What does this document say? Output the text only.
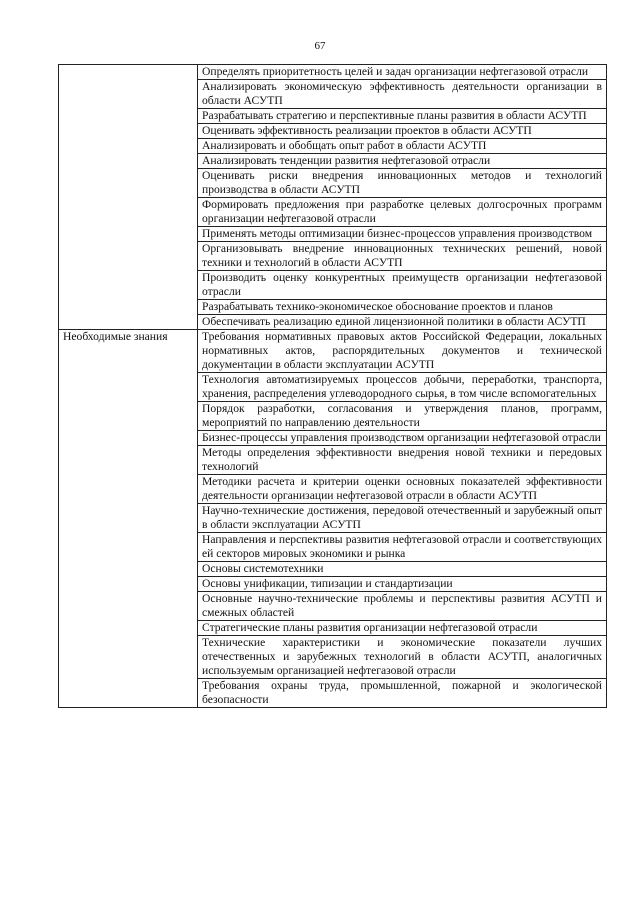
67
	Определять приоритетность целей и задач организации нефтегазовой отрасли
	Анализировать экономическую эффективность деятельности организации в области АСУТП
	Разрабатывать стратегию и перспективные планы развития в области АСУТП
	Оценивать эффективность реализации проектов в области АСУТП
	Анализировать и обобщать опыт работ в области АСУТП
	Анализировать тенденции развития нефтегазовой отрасли
	Оценивать риски внедрения инновационных методов и технологий производства в области АСУТП
	Формировать предложения при разработке целевых долгосрочных программ организации нефтегазовой отрасли
	Применять методы оптимизации бизнес-процессов управления производством
	Организовывать внедрение инновационных технических решений, новой техники и технологий в области АСУТП
	Производить оценку конкурентных преимуществ организации нефтегазовой отрасли
	Разрабатывать технико-экономическое обоснование проектов и планов
	Обеспечивать реализацию единой лицензионной политики в области АСУТП
Необходимые знания	Требования нормативных правовых актов Российской Федерации, локальных нормативных актов, распорядительных документов и технической документации в области эксплуатации АСУТП
	Технология автоматизируемых процессов добычи, переработки, транспорта, хранения, распределения углеводородного сырья, в том числе вспомогательных
	Порядок разработки, согласования и утверждения планов, программ, мероприятий по направлению деятельности
	Бизнес-процессы управления производством организации нефтегазовой отрасли
	Методы определения эффективности внедрения новой техники и передовых технологий
	Методики расчета и критерии оценки основных показателей эффективности деятельности организации нефтегазовой отрасли в области АСУТП
	Научно-технические достижения, передовой отечественный и зарубежный опыт в области эксплуатации АСУТП
	Направления и перспективы развития нефтегазовой отрасли и соответствующих ей секторов мировых экономики и рынка
	Основы системотехники
	Основы унификации, типизации и стандартизации
	Основные научно-технические проблемы и перспективы развития АСУТП и смежных областей
	Стратегические планы развития организации нефтегазовой отрасли
	Технические характеристики и экономические показатели лучших отечественных и зарубежных технологий в области АСУТП, аналогичных используемым организацией нефтегазовой отрасли
	Требования охраны труда, промышленной, пожарной и экологической безопасности
